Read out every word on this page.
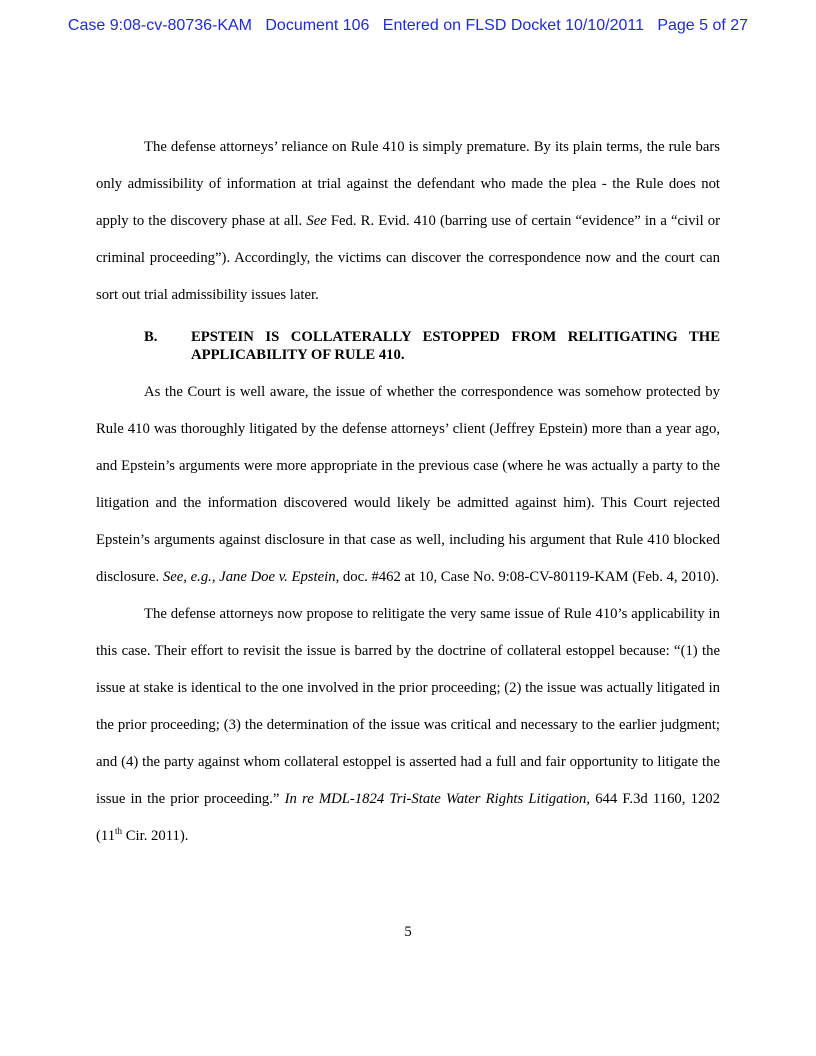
Case 9:08-cv-80736-KAM Document 106 Entered on FLSD Docket 10/10/2011 Page 5 of 27

The defense attorneys’ reliance on Rule 410 is simply premature. By its plain terms, the rule bars only admissibility of information at trial against the defendant who made the plea - the Rule does not apply to the discovery phase at all. See Fed. R. Evid. 410 (barring use of certain “evidence” in a “civil or criminal proceeding”). Accordingly, the victims can discover the correspondence now and the court can sort out trial admissibility issues later.

B.	EPSTEIN IS COLLATERALLY ESTOPPED FROM RELITIGATING THE APPLICABILITY OF RULE 410.

As the Court is well aware, the issue of whether the correspondence was somehow protected by Rule 410 was thoroughly litigated by the defense attorneys’ client (Jeffrey Epstein) more than a year ago, and Epstein’s arguments were more appropriate in the previous case (where he was actually a party to the litigation and the information discovered would likely be admitted against him). This Court rejected Epstein’s arguments against disclosure in that case as well, including his argument that Rule 410 blocked disclosure. See, e.g., Jane Doe v. Epstein, doc. #462 at 10, Case No. 9:08-CV-80119-KAM (Feb. 4, 2010).

The defense attorneys now propose to relitigate the very same issue of Rule 410’s applicability in this case. Their effort to revisit the issue is barred by the doctrine of collateral estoppel because: “(1) the issue at stake is identical to the one involved in the prior proceeding; (2) the issue was actually litigated in the prior proceeding; (3) the determination of the issue was critical and necessary to the earlier judgment; and (4) the party against whom collateral estoppel is asserted had a full and fair opportunity to litigate the issue in the prior proceeding.” In re MDL-1824 Tri-State Water Rights Litigation, 644 F.3d 1160, 1202 (11th Cir. 2011).

5
